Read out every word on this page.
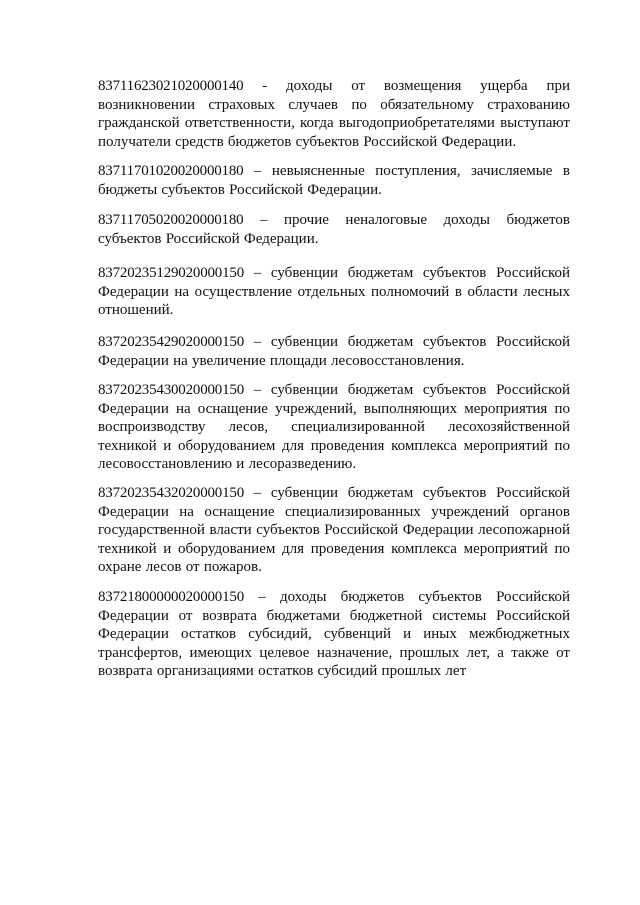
83711623021020000140 - доходы от возмещения ущерба при возникновении страховых случаев по обязательному страхованию гражданской ответственности, когда выгодоприобретателями выступают получатели средств бюджетов субъектов Российской Федерации.

83711701020020000180 – невыясненные поступления, зачисляемые в бюджеты субъектов Российской Федерации.

83711705020020000180 – прочие неналоговые доходы бюджетов субъектов Российской Федерации.

83720235129020000150 – субвенции бюджетам субъектов Российской Федерации на осуществление отдельных полномочий в области лесных отношений.

83720235429020000150 – субвенции бюджетам субъектов Российской Федерации на увеличение площади лесовосстановления.

83720235430020000150 – субвенции бюджетам субъектов Российской Федерации на оснащение учреждений, выполняющих мероприятия по воспроизводству лесов, специализированной лесохозяйственной техникой и оборудованием для проведения комплекса мероприятий по лесовосстановлению и лесоразведению.

83720235432020000150 – субвенции бюджетам субъектов Российской Федерации на оснащение специализированных учреждений органов государственной власти субъектов Российской Федерации лесопожарной техникой и оборудованием для проведения комплекса мероприятий по охране лесов от пожаров.

83721800000020000150 – доходы бюджетов субъектов Российской Федерации от возврата бюджетами бюджетной системы Российской Федерации остатков субсидий, субвенций и иных межбюджетных трансфертов, имеющих целевое назначение, прошлых лет, а также от возврата организациями остатков субсидий прошлых лет
